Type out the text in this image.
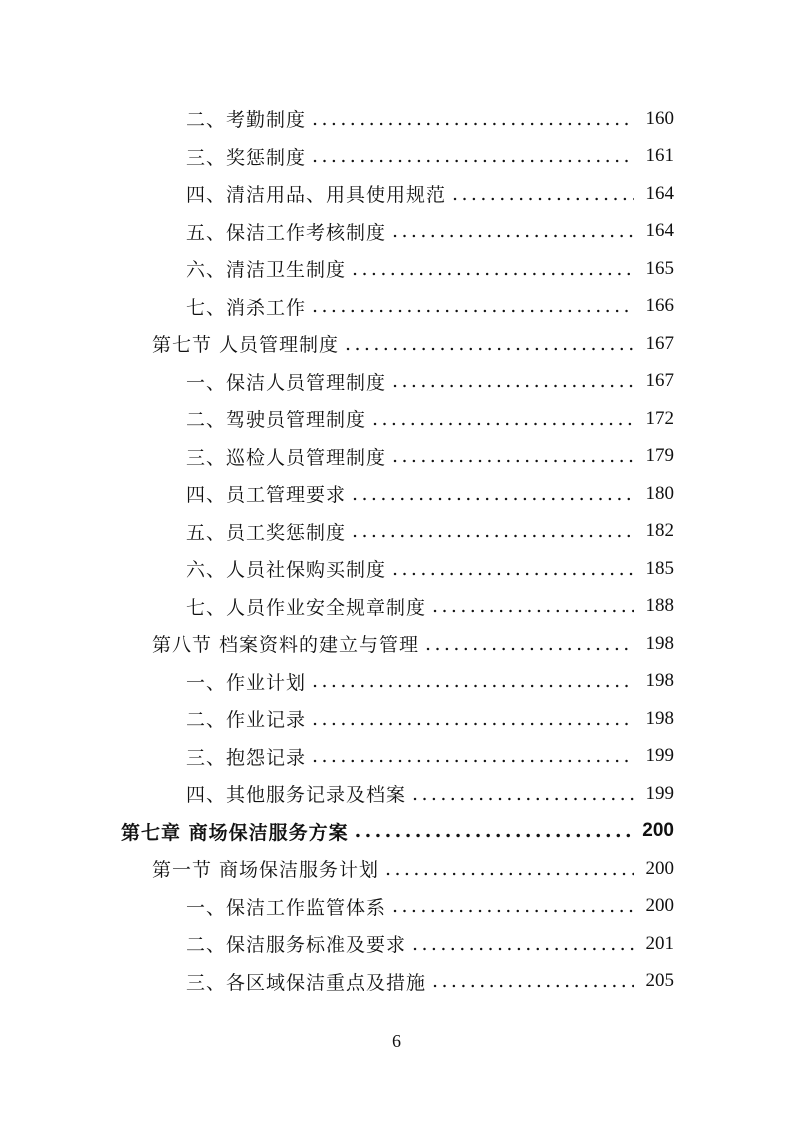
二、考勤制度 .....	160
三、奖惩制度 .....	161
四、清洁用品、用具使用规范 .....	164
五、保洁工作考核制度 .....	164
六、清洁卫生制度 .....	165
七、消杀工作 .....	166
第七节 人员管理制度 .....	167
一、保洁人员管理制度 .....	167
二、驾驶员管理制度 .....	172
三、巡检人员管理制度 .....	179
四、员工管理要求 .....	180
五、员工奖惩制度 .....	182
六、人员社保购买制度 .....	185
七、人员作业安全规章制度 .....	188
第八节 档案资料的建立与管理 .....	198
一、作业计划 .....	198
二、作业记录 .....	198
三、抱怨记录 .....	199
四、其他服务记录及档案 .....	199
第七章 商场保洁服务方案 .....	200
第一节 商场保洁服务计划 .....	200
一、保洁工作监管体系 .....	200
二、保洁服务标准及要求 .....	201
三、各区域保洁重点及措施 .....	205
6
